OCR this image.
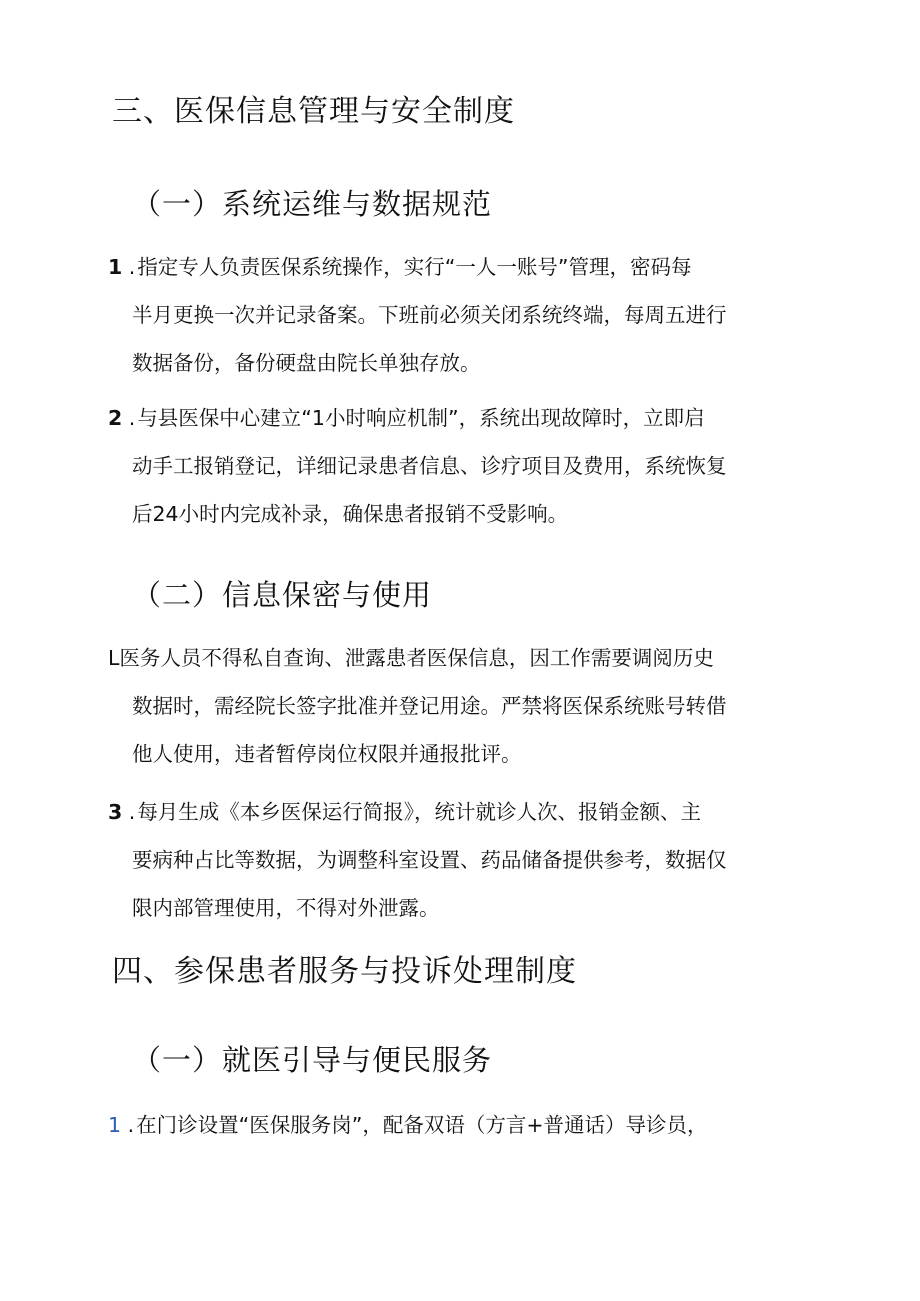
三、医保信息管理与安全制度
（一）系统运维与数据规范
1 .指定专人负责医保系统操作，实行“一人一账号”管理，密码每
半月更换一次并记录备案。下班前必须关闭系统终端，每周五进行
数据备份，备份硬盘由院长单独存放。
2 .与县医保中心建立“1小时响应机制”，系统出现故障时，立即启
动手工报销登记，详细记录患者信息、诊疗项目及费用，系统恢复
后24小时内完成补录，确保患者报销不受影响。
（二）信息保密与使用
L医务人员不得私自查询、泄露患者医保信息，因工作需要调阅历史
数据时，需经院长签字批准并登记用途。严禁将医保系统账号转借
他人使用，违者暂停岗位权限并通报批评。
3 .每月生成《本乡医保运行简报》，统计就诊人次、报销金额、主
要病种占比等数据，为调整科室设置、药品储备提供参考，数据仅
限内部管理使用，不得对外泄露。
四、参保患者服务与投诉处理制度
（一）就医引导与便民服务
1 .在门诊设置“医保服务岗”，配备双语（方言+普通话）导诊员，
